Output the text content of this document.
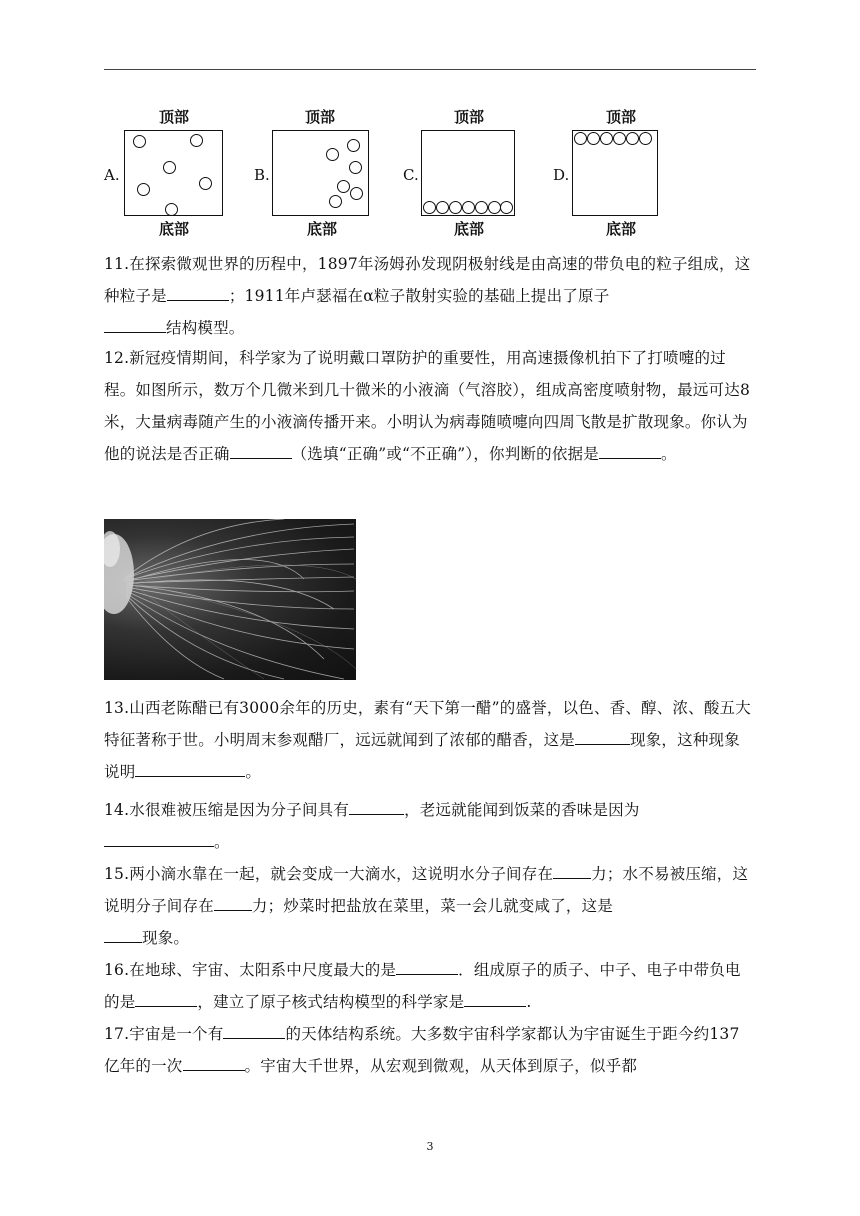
A.
顶部
底部
B.
顶部
底部
C.
顶部
底部
D.
顶部
底部

11.在探索微观世界的历程中，1897年汤姆孙发现阴极射线是由高速的带负电的粒子组成，这种粒子是	；1911年卢瑟福在α粒子散射实验的基础上提出了原子
结构模型。

12.新冠疫情期间，科学家为了说明戴口罩防护的重要性，用高速摄像机拍下了打喷嚏的过程。如图所示，数万个几微米到几十微米的小液滴（气溶胶），组成高密度喷射物，最远可达8米，大量病毒随产生的小液滴传播开来。小明认为病毒随喷嚏向四周飞散是扩散现象。你认为他的说法是否正确	（选填“正确”或“不正确”），你判断的依据是	。

13.山西老陈醋已有3000余年的历史，素有“天下第一醋”的盛誉，以色、香、醇、浓、酸五大特征著称于世。小明周末参观醋厂，远远就闻到了浓郁的醋香，这是	现象，这种现象说明	。

14.水很难被压缩是因为分子间具有	，老远就能闻到饭菜的香味是因为
。

15.两小滴水靠在一起，就会变成一大滴水，这说明水分子间存在 力；水不易被压缩，这说明分子间存在 力；炒菜时把盐放在菜里，菜一会儿就变咸了，这是
现象。

16.在地球、宇宙、太阳系中尺度最大的是	．组成原子的质子、中子、电子中带负电的是	，建立了原子核式结构模型的科学家是	.

17.宇宙是一个有	的天体结构系统。大多数宇宙科学家都认为宇宙诞生于距今约137亿年的一次	。宇宙大千世界，从宏观到微观，从天体到原子，似乎都

3
